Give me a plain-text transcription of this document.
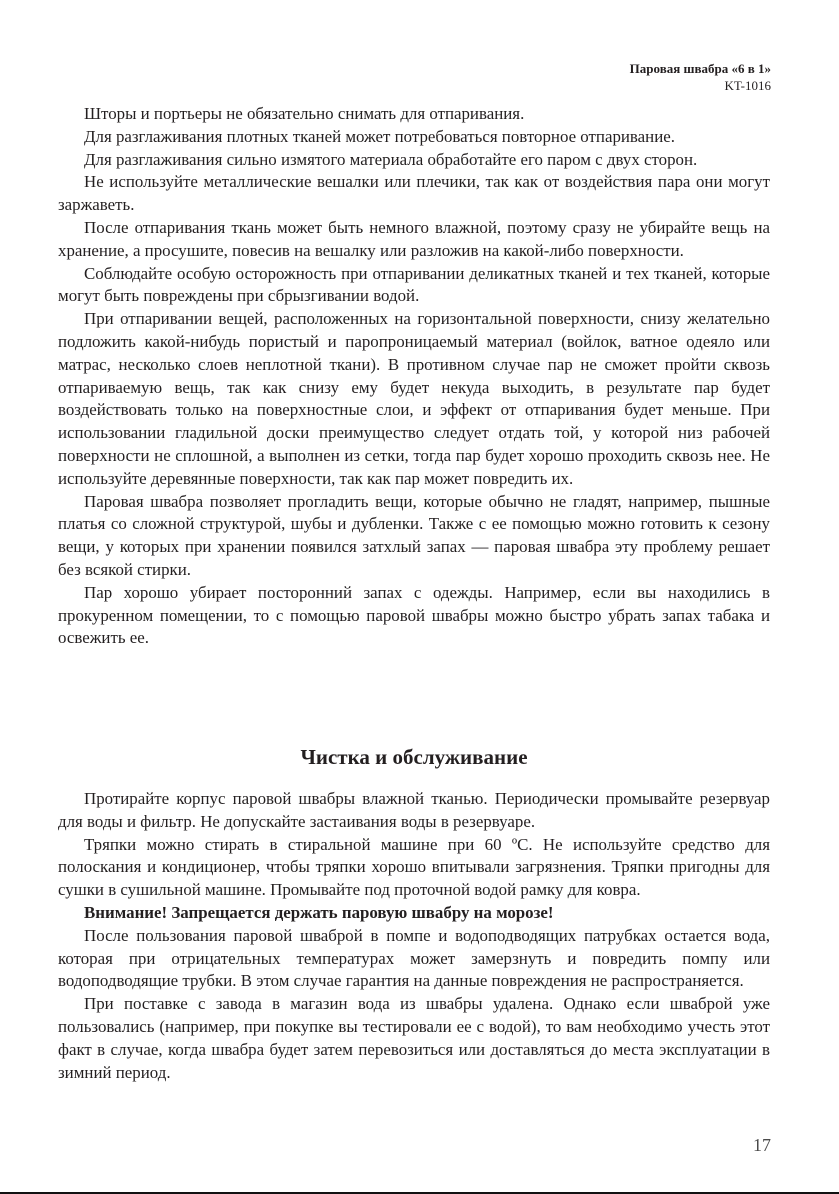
Паровая швабра «6 в 1»
KT-1016

Шторы и портьеры не обязательно снимать для отпаривания.

Для разглаживания плотных тканей может потребоваться повторное отпаривание.

Для разглаживания сильно измятого материала обработайте его паром с двух сторон.

Не используйте металлические вешалки или плечики, так как от воздействия пара они могут заржаветь.

После отпаривания ткань может быть немного влажной, поэтому сразу не убирайте вещь на хранение, а просушите, повесив на вешалку или разложив на какой-либо поверхности.

Соблюдайте особую осторожность при отпаривании деликатных тканей и тех тканей, которые могут быть повреждены при сбрызгивании водой.

При отпаривании вещей, расположенных на горизонтальной поверхности, снизу желательно подложить какой-нибудь пористый и паропроницаемый материал (войлок, ватное одеяло или матрас, несколько слоев неплотной ткани). В противном случае пар не сможет пройти сквозь отпариваемую вещь, так как снизу ему будет некуда выходить, в результате пар будет воздействовать только на поверхностные слои, и эффект от отпаривания будет меньше. При использовании гладильной доски преимущество следует отдать той, у которой низ рабочей поверхности не сплошной, а выполнен из сетки, тогда пар будет хорошо проходить сквозь нее. Не используйте деревянные поверхности, так как пар может повредить их.

Паровая швабра позволяет прогладить вещи, которые обычно не гладят, например, пышные платья со сложной структурой, шубы и дубленки. Также с ее помощью можно готовить к сезону вещи, у которых при хранении появился затхлый запах — паровая швабра эту проблему решает без всякой стирки.

Пар хорошо убирает посторонний запах с одежды. Например, если вы находились в прокуренном помещении, то с помощью паровой швабры можно быстро убрать запах табака и освежить ее.

Чистка и обслуживание

Протирайте корпус паровой швабры влажной тканью. Периодически промывайте резервуар для воды и фильтр. Не допускайте застаивания воды в резервуаре.

Тряпки можно стирать в стиральной машине при 60 ºС. Не используйте средство для полоскания и кондиционер, чтобы тряпки хорошо впитывали загрязнения. Тряпки пригодны для сушки в сушильной машине. Промывайте под проточной водой рамку для ковра.

Внимание! Запрещается держать паровую швабру на морозе!

После пользования паровой шваброй в помпе и водоподводящих патрубках остается вода, которая при отрицательных температурах может замерзнуть и повредить помпу или водоподводящие трубки. В этом случае гарантия на данные повреждения не распространяется.

При поставке с завода в магазин вода из швабры удалена. Однако если шваброй уже пользовались (например, при покупке вы тестировали ее с водой), то вам необходимо учесть этот факт в случае, когда швабра будет затем перевозиться или доставляться до места эксплуатации в зимний период.

17
